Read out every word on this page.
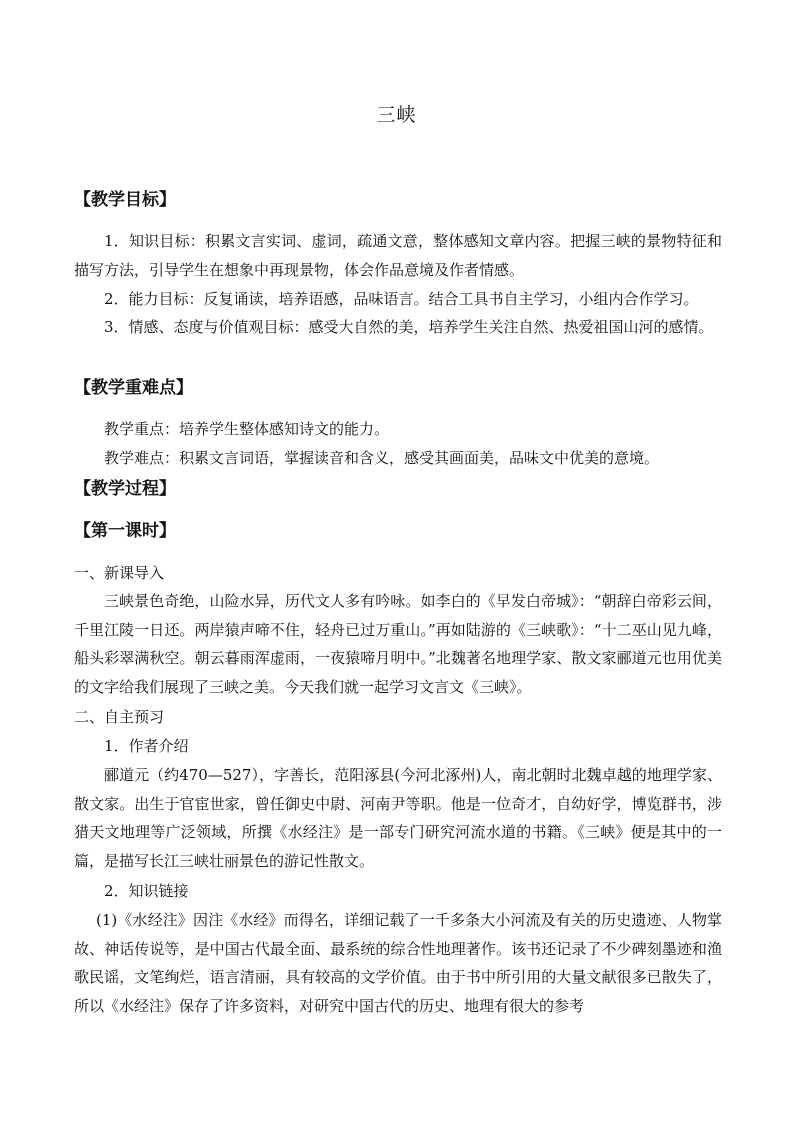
三峡
【教学目标】
1．知识目标：积累文言实词、虚词，疏通文意，整体感知文章内容。把握三峡的景物特征和描写方法，引导学生在想象中再现景物，体会作品意境及作者情感。
2．能力目标：反复诵读，培养语感，品味语言。结合工具书自主学习，小组内合作学习。
3．情感、态度与价值观目标：感受大自然的美，培养学生关注自然、热爱祖国山河的感情。
【教学重难点】
教学重点：培养学生整体感知诗文的能力。
教学难点：积累文言词语，掌握读音和含义，感受其画面美，品味文中优美的意境。
【教学过程】
【第一课时】
一、新课导入
三峡景色奇绝，山险水异，历代文人多有吟咏。如李白的《早发白帝城》：“朝辞白帝彩云间，千里江陵一日还。两岸猿声啼不住，轻舟已过万重山。”再如陆游的《三峡歌》：“十二巫山见九峰，船头彩翠满秋空。朝云暮雨浑虚雨，一夜猿啼月明中。”北魏著名地理学家、散文家郦道元也用优美的文字给我们展现了三峡之美。今天我们就一起学习文言文《三峡》。
二、自主预习
1．作者介绍
郦道元（约470—527），字善长，范阳涿县(今河北涿州)人，南北朝时北魏卓越的地理学家、散文家。出生于官宦世家，曾任御史中尉、河南尹等职。他是一位奇才，自幼好学，博览群书，涉猎天文地理等广泛领域，所撰《水经注》是一部专门研究河流水道的书籍。《三峡》便是其中的一篇，是描写长江三峡壮丽景色的游记性散文。
2．知识链接
(1)《水经注》因注《水经》而得名，详细记载了一千多条大小河流及有关的历史遗迹、人物掌故、神话传说等，是中国古代最全面、最系统的综合性地理著作。该书还记录了不少碑刻墨迹和渔歌民谣，文笔绚烂，语言清丽，具有较高的文学价值。由于书中所引用的大量文献很多已散失了，所以《水经注》保存了许多资料，对研究中国古代的历史、地理有很大的参考
